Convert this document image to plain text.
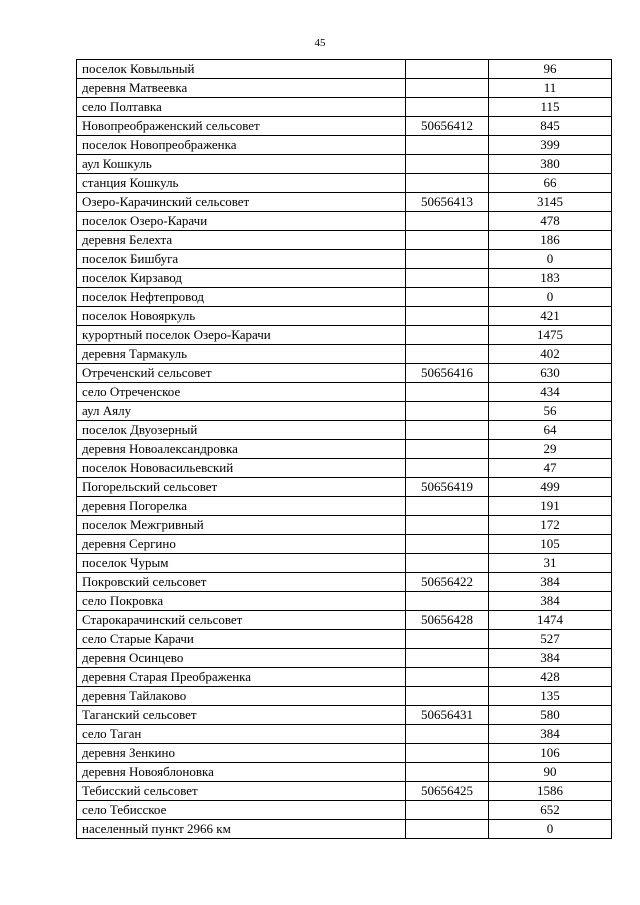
45
поселок Ковыльный		96
деревня Матвеевка		11
село Полтавка		115
Новопреображенский сельсовет	50656412	845
поселок Новопреображенка		399
аул Кошкуль		380
станция Кошкуль		66
Озеро-Карачинский сельсовет	50656413	3145
поселок Озеро-Карачи		478
деревня Белехта		186
поселок Бишбуга		0
поселок Кирзавод		183
поселок Нефтепровод		0
поселок Новояркуль		421
курортный поселок Озеро-Карачи		1475
деревня Тармакуль		402
Отреченский сельсовет	50656416	630
село Отреченское		434
аул Аялу		56
поселок Двуозерный		64
деревня Новоалександровка		29
поселок Нововасильевский		47
Погорельский сельсовет	50656419	499
деревня Погорелка		191
поселок Межгривный		172
деревня Сергино		105
поселок Чурым		31
Покровский сельсовет	50656422	384
село Покровка		384
Старокарачинский сельсовет	50656428	1474
село Старые Карачи		527
деревня Осинцево		384
деревня Старая Преображенка		428
деревня Тайлаково		135
Таганский сельсовет	50656431	580
село Таган		384
деревня Зенкино		106
деревня Новояблоновка		90
Тебисский сельсовет	50656425	1586
село Тебисское		652
населенный пункт 2966 км		0
